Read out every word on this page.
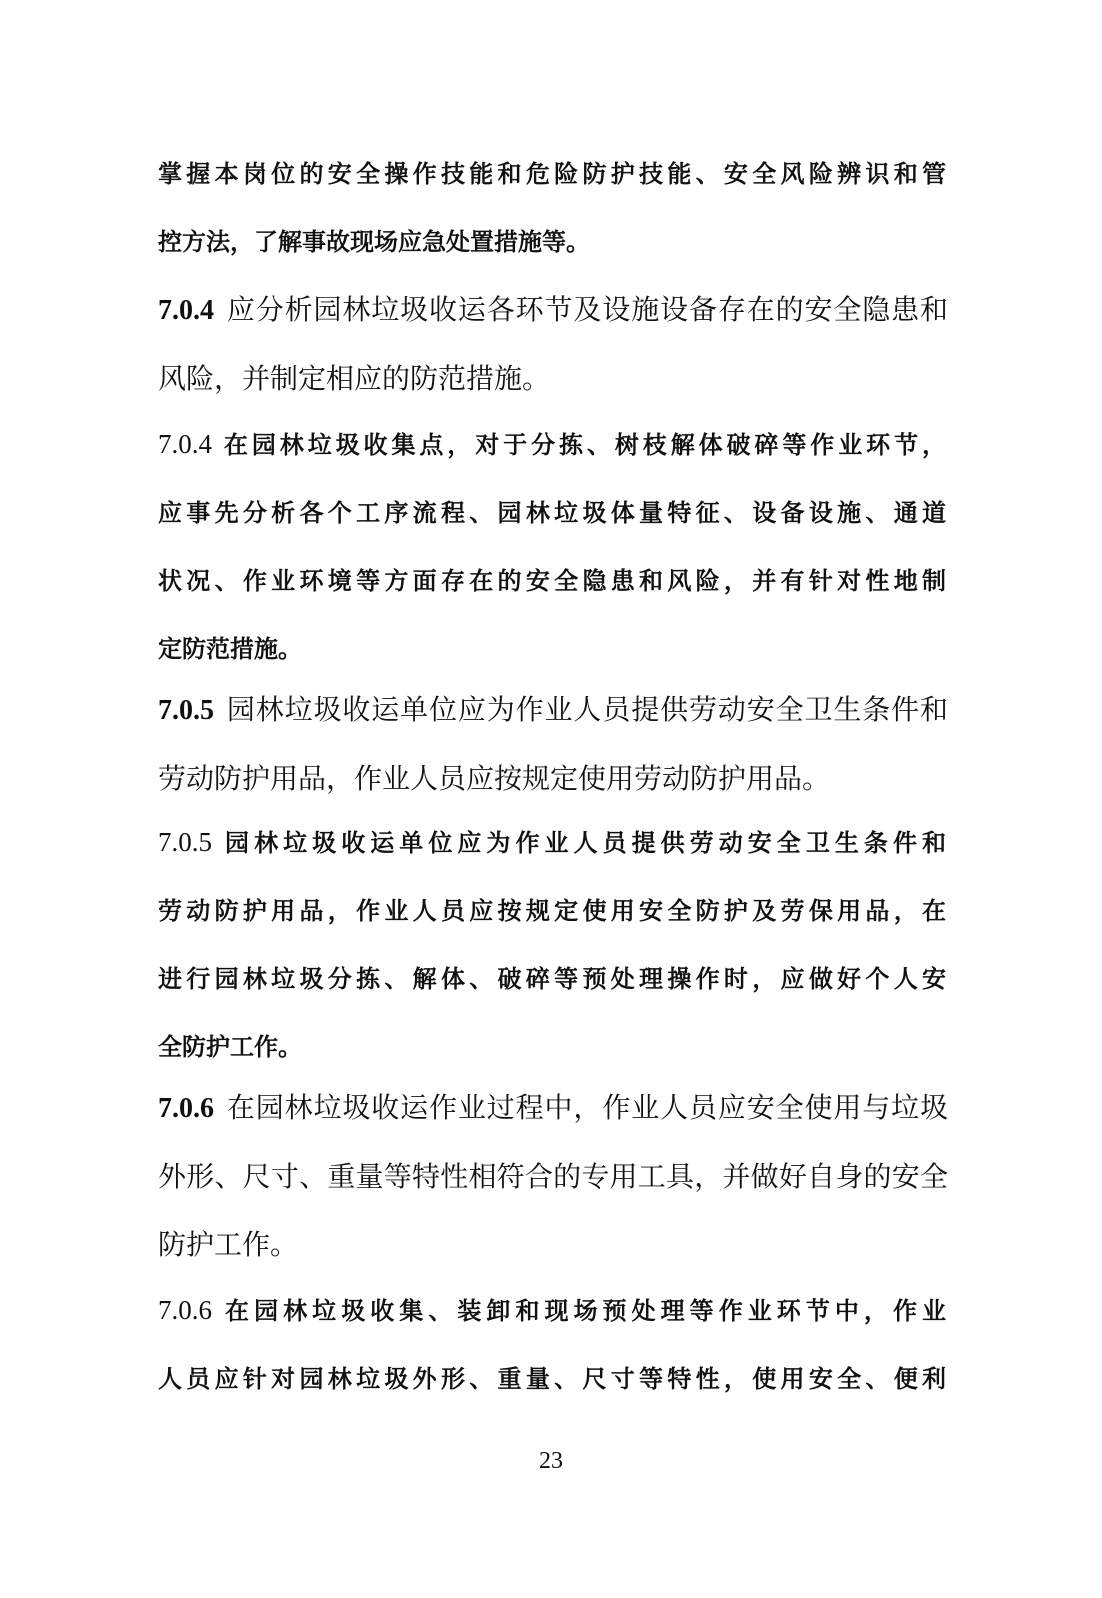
掌握本岗位的安全操作技能和危险防护技能、安全风险辨识和管
控方法，了解事故现场应急处置措施等。
7.0.4 应分析园林垃圾收运各环节及设施设备存在的安全隐患和
风险，并制定相应的防范措施。
7.0.4 在园林垃圾收集点，对于分拣、树枝解体破碎等作业环节，
应事先分析各个工序流程、园林垃圾体量特征、设备设施、通道
状况、作业环境等方面存在的安全隐患和风险，并有针对性地制
定防范措施。
7.0.5 园林垃圾收运单位应为作业人员提供劳动安全卫生条件和
劳动防护用品，作业人员应按规定使用劳动防护用品。
7.0.5 园林垃圾收运单位应为作业人员提供劳动安全卫生条件和
劳动防护用品，作业人员应按规定使用安全防护及劳保用品，在
进行园林垃圾分拣、解体、破碎等预处理操作时，应做好个人安
全防护工作。
7.0.6 在园林垃圾收运作业过程中，作业人员应安全使用与垃圾
外形、尺寸、重量等特性相符合的专用工具，并做好自身的安全
防护工作。
7.0.6 在园林垃圾收集、装卸和现场预处理等作业环节中，作业
人员应针对园林垃圾外形、重量、尺寸等特性，使用安全、便利
23
